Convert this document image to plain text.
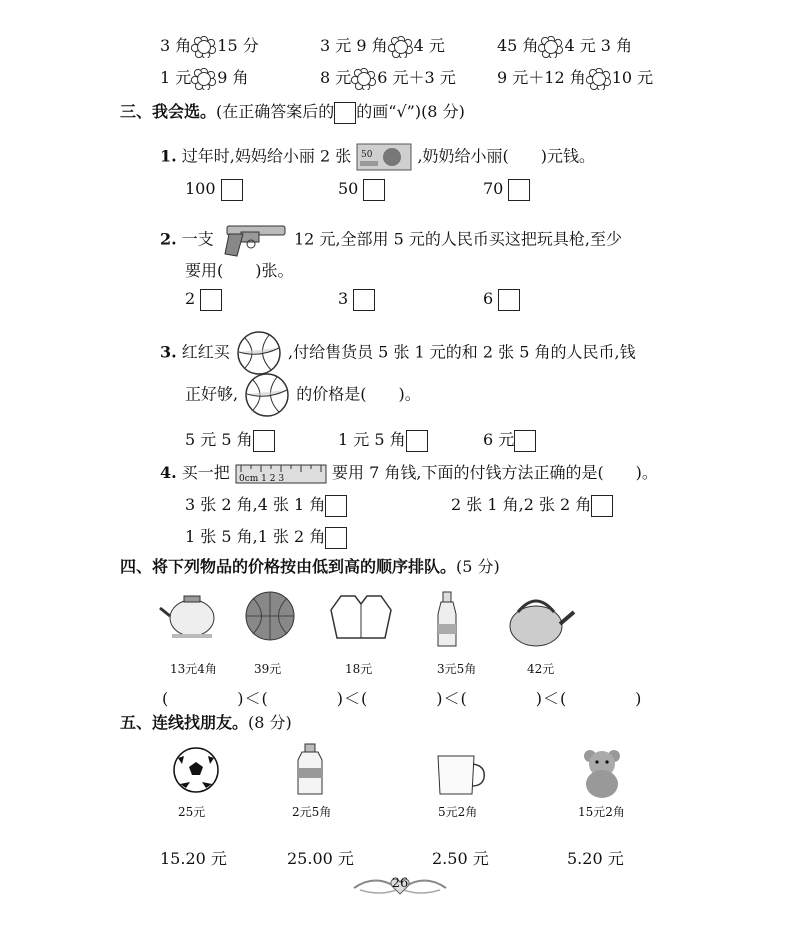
3 角 15 分	3 元 9 角 4 元	45 角 4 元 3 角
1 元 9 角	8 元 6 元＋3 元	9 元＋12 角 10 元
三、我会选。(在正确答案后的 的画“√”)(8 分)
1. 过年时,妈妈给小丽 2 张 50	,奶奶给小丽(　　)元钱。
100	50	70
2. 一支	12 元,全部用 5 元的人民币买这把玩具枪,至少
要用(　　)张。
2	3	6
3. 红红买	,付给售货员 5 张 1 元的和 2 张 5 角的人民币,钱
正好够,	的价格是(　　)。
5 元 5 角	1 元 5 角	6 元
4. 买一把 0cm 1 2 3	要用 7 角钱,下面的付钱方法正确的是(　　)。
3 张 2 角,4 张 1 角	2 张 1 角,2 张 2 角
1 张 5 角,1 张 2 角
四、将下列物品的价格按由低到高的顺序排队。(5 分)
13元4角	39元	18元	3元5角	42元
(　　　　)＜(　　　　)＜(　　　　)＜(　　　　)＜(　　　　)
五、连线找朋友。(8 分)
25元	2元5角	5元2角	15元2角
15.20 元	25.00 元	2.50 元	5.20 元
26
